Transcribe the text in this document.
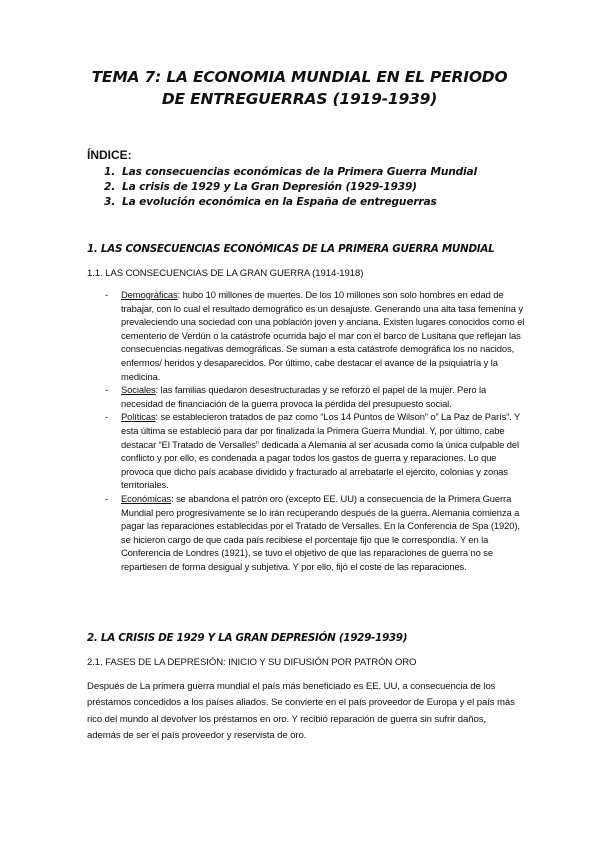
TEMA 7: LA ECONOMIA MUNDIAL EN EL PERIODO
DE ENTREGUERRAS (1919-1939)
ÍNDICE:
1. Las consecuencias económicas de la Primera Guerra Mundial
2. La crisis de 1929 y La Gran Depresión (1929-1939)
3. La evolución económica en la España de entreguerras
1. LAS CONSECUENCIAS ECONÓMICAS DE LA PRIMERA GUERRA MUNDIAL
1.1. LAS CONSECUENCIAS DE LA GRAN GUERRA (1914-1918)
- Demográficas: hubo 10 millones de muertes. De los 10 millones son solo hombres en edad de trabajar, con lo cual el resultado demográfico es un desajuste. Generando una alta tasa femenina y prevaleciendo una sociedad con una población joven y anciana. Existen lugares conocidos como el cementerio de Verdún o la catástrofe ocurrida bajo el mar con el barco de Lusitana que reflejan las consecuencias negativas demográficas. Se suman a esta catástrofe demográfica los no nacidos, enfermos/ heridos y desaparecidos. Por último, cabe destacar el avance de la psiquiatría y la medicina.
- Sociales: las familias quedaron desestructuradas y se reforzó el papel de la mujer. Pero la necesidad de financiación de la guerra provoca la pérdida del presupuesto social.
- Políticas: se establecieron tratados de paz como “Los 14 Puntos de Wilson” o” La Paz de París”. Y esta última se estableció para dar por finalizada la Primera Guerra Mundial. Y, por último, cabe destacar “El Tratado de Versalles” dedicada a Alemania al ser acusada como la única culpable del conflicto y por ello, es condenada a pagar todos los gastos de guerra y reparaciones. Lo que provoca que dicho país acabase dividido y fracturado al arrebatarle el ejército, colonias y zonas territoriales.
- Económicas: se abandona el patrón oro (excepto EE. UU) a consecuencia de la Primera Guerra Mundial pero progresivamente se lo irán recuperando después de la guerra. Alemania comienza a pagar las reparaciones establecidas por el Tratado de Versalles. En la Conferencia de Spa (1920), se hicieron cargo de que cada país recibiese el porcentaje fijo que le correspondía. Y en la Conferencia de Londres (1921), se tuvo el objetivo de que las reparaciones de guerra no se repartiesen de forma desigual y subjetiva. Y por ello, fijó el coste de las reparaciones.
2. LA CRISIS DE 1929 Y LA GRAN DEPRESIÓN (1929-1939)
2.1. FASES DE LA DEPRESIÓN: INICIO Y SU DIFUSIÓN POR PATRÓN ORO
Después de La primera guerra mundial el país más beneficiado es EE. UU, a consecuencia de los préstamos concedidos a los países aliados. Se convierte en el país proveedor de Europa y el país más rico del mundo al devolver los préstamos en oro. Y recibió reparación de guerra sin sufrir daños, además de ser el país proveedor y reservista de oro.
